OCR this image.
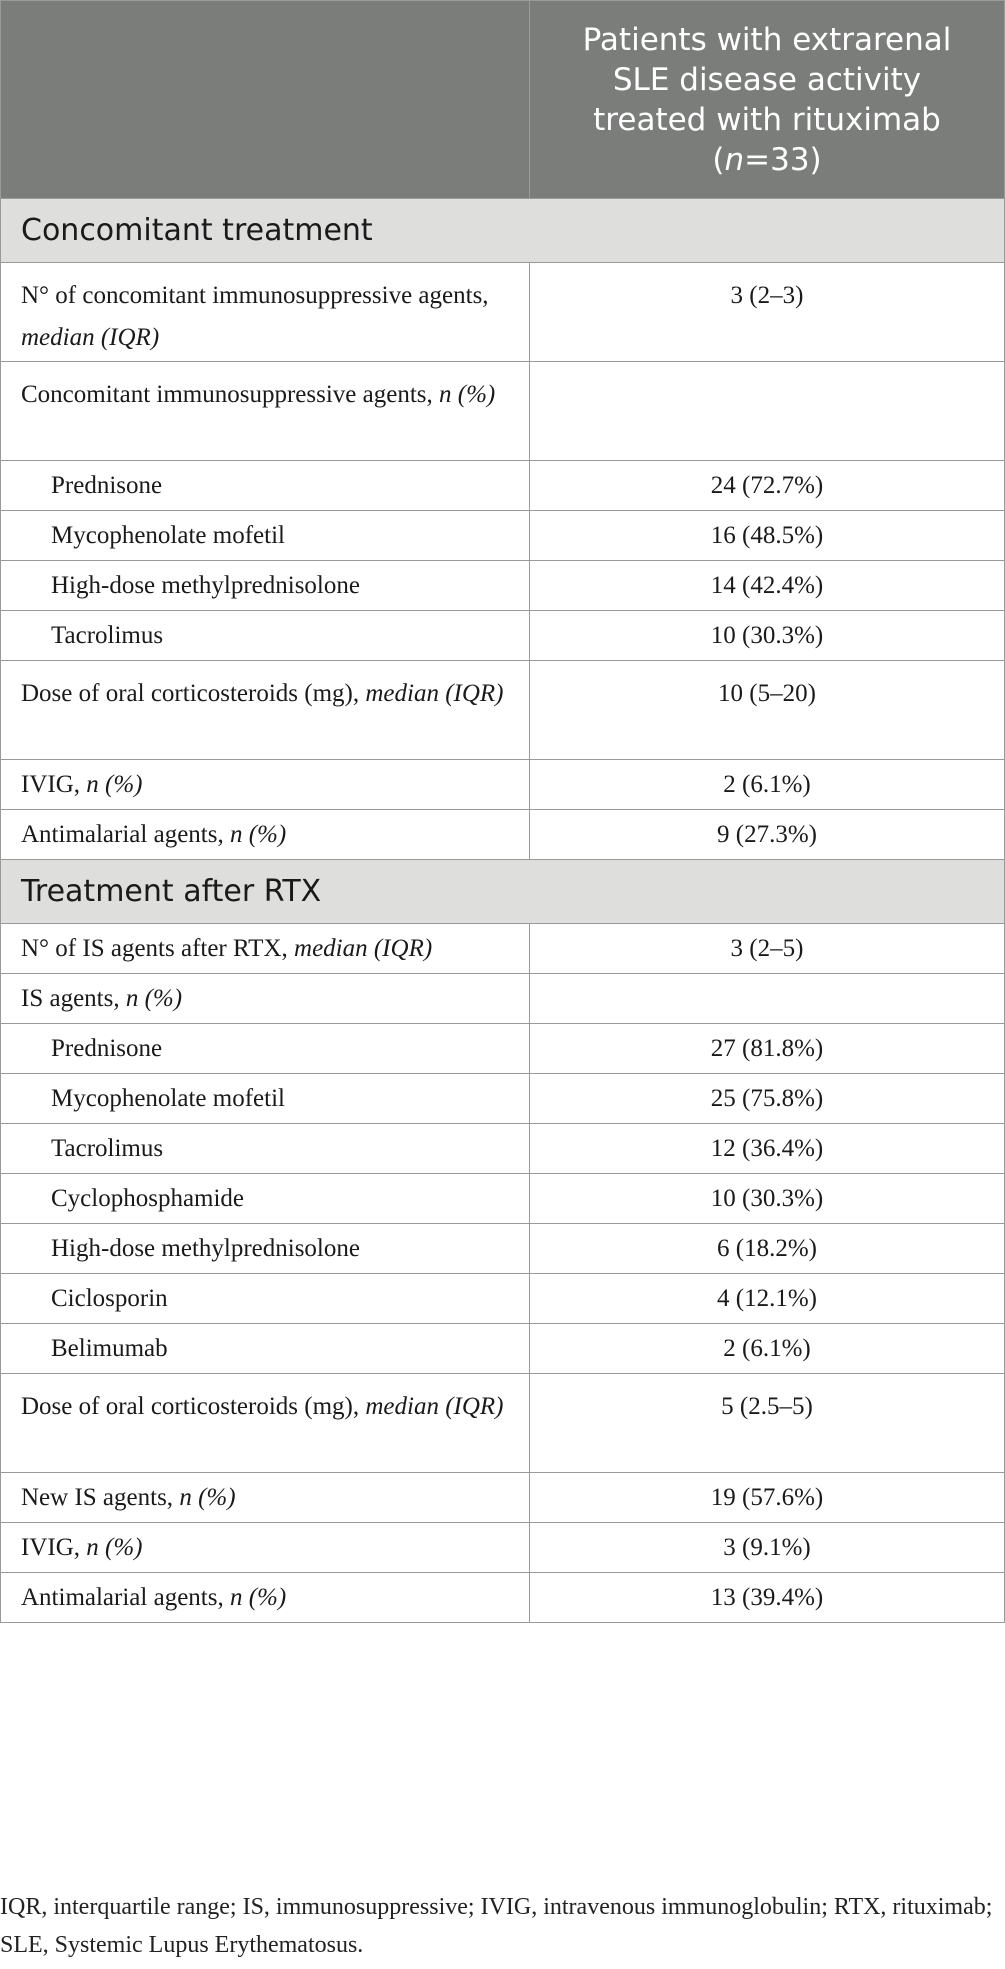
	Patients with extrarenal
SLE disease activity
treated with rituximab
(n=33)
Concomitant treatment	
N° of concomitant immunosuppressive agents, median (IQR)	3 (2–3)
Concomitant immunosuppressive agents, n (%)	
Prednisone	24 (72.7%)
Mycophenolate mofetil	16 (48.5%)
High-dose methylprednisolone	14 (42.4%)
Tacrolimus	10 (30.3%)
Dose of oral corticosteroids (mg), median (IQR)	10 (5–20)
IVIG, n (%)	2 (6.1%)
Antimalarial agents, n (%)	9 (27.3%)
Treatment after RTX	
N° of IS agents after RTX, median (IQR)	3 (2–5)
IS agents, n (%)	
Prednisone	27 (81.8%)
Mycophenolate mofetil	25 (75.8%)
Tacrolimus	12 (36.4%)
Cyclophosphamide	10 (30.3%)
High-dose methylprednisolone	6 (18.2%)
Ciclosporin	4 (12.1%)
Belimumab	2 (6.1%)
Dose of oral corticosteroids (mg), median (IQR)	5 (2.5–5)
New IS agents, n (%)	19 (57.6%)
IVIG, n (%)	3 (9.1%)
Antimalarial agents, n (%)	13 (39.4%)
IQR, interquartile range; IS, immunosuppressive; IVIG, intravenous immunoglobulin; RTX, rituximab; SLE, Systemic Lupus Erythematosus.
